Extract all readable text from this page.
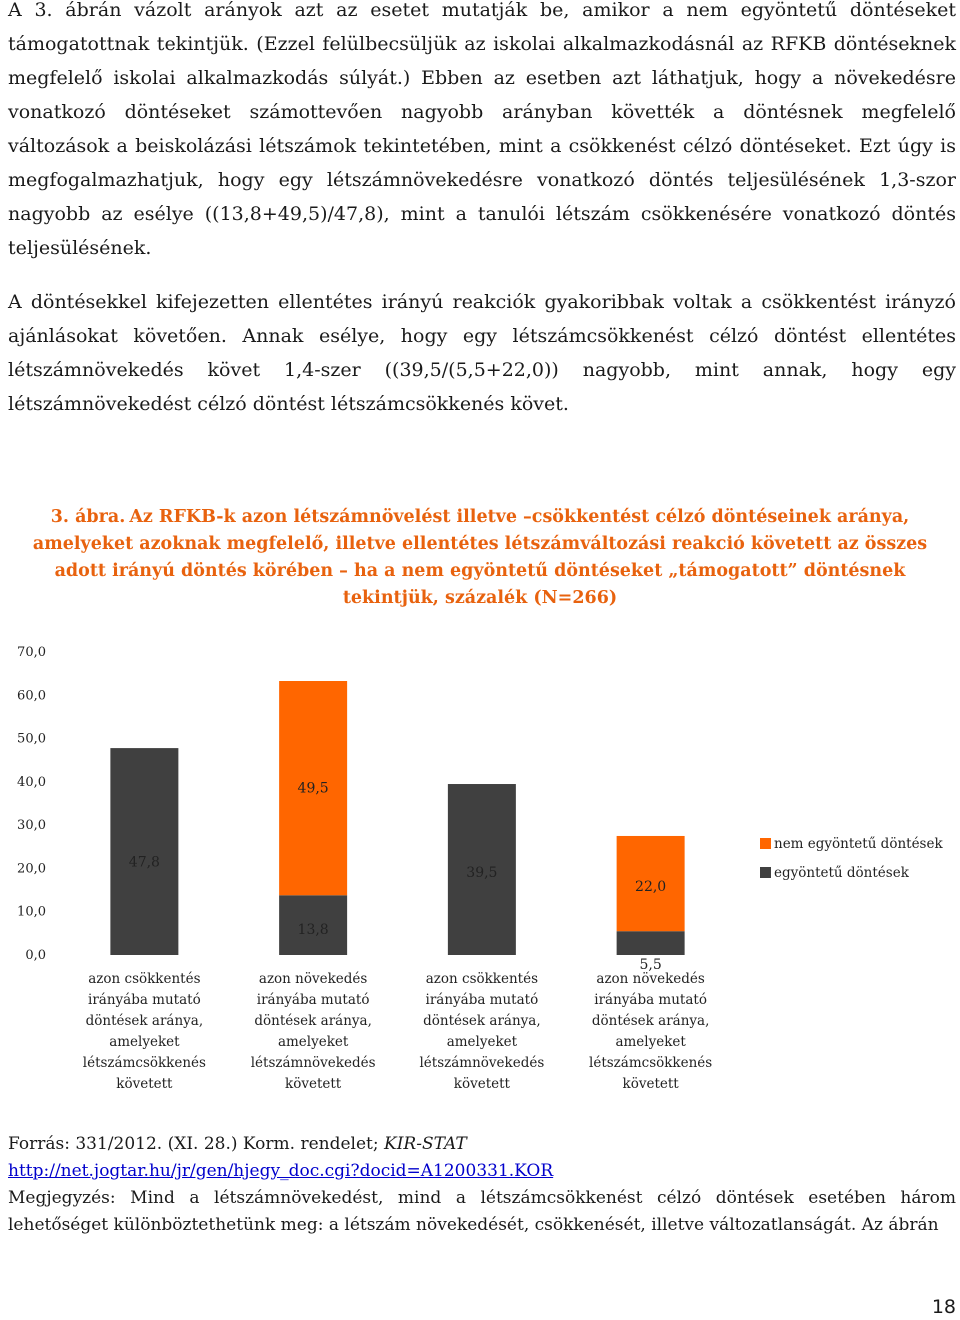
A 3. ábrán vázolt arányok azt az esetet mutatják be, amikor a nem egyöntetű döntéseket támogatottnak tekintjük. (Ezzel felülbecsüljük az iskolai alkalmazkodásnál az RFKB döntéseknek megfelelő iskolai alkalmazkodás súlyát.) Ebben az esetben azt láthatjuk, hogy a növekedésre vonatkozó döntéseket számottevően nagyobb arányban követték a döntésnek megfelelő változások a beiskolázási létszámok tekintetében, mint a csökkenést célzó döntéseket. Ezt úgy is megfogalmazhatjuk, hogy egy létszámnövekedésre vonatkozó döntés teljesülésének 1,3-szor nagyobb az esélye ((13,8+49,5)/47,8), mint a tanulói létszám csökkenésére vonatkozó döntés teljesülésének.

A döntésekkel kifejezetten ellentétes irányú reakciók gyakoribbak voltak a csökkentést irányzó ajánlásokat követően. Annak esélye, hogy egy létszámcsökkenést célzó döntést ellentétes létszámnövekedés követ 1,4-szer ((39,5/(5,5+22,0)) nagyobb, mint annak, hogy egy létszámnövekedést célzó döntést létszámcsökkenés követ.

3. ábra. Az RFKB-k azon létszámnövelést illetve –csökkentést célzó döntéseinek aránya, amelyeket azoknak megfelelő, illetve ellentétes létszámváltozási reakció követett az összes adott irányú döntés körében – ha a nem egyöntetű döntéseket „támogatott” döntésnek tekintjük, százalék (N=266)
0,0
10,0
20,0
30,0
40,0
50,0
60,0
70,0
47,8
49,5
13,8
39,5
22,0
5,5
azon csökkentés
irányába mutató
döntések aránya,
amelyeket
létszámcsökkenés
követett
azon növekedés
irányába mutató
döntések aránya,
amelyeket
létszámnövekedés
követett
azon csökkentés
irányába mutató
döntések aránya,
amelyeket
létszámnövekedés
követett
azon növekedés
irányába mutató
döntések aránya,
amelyeket
létszámcsökkenés
követett
nem egyöntetű döntések
egyöntetű döntések
Forrás: 331/2012. (XI. 28.) Korm. rendelet; KIR-STAT
http://net.jogtar.hu/jr/gen/hjegy_doc.cgi?docid=A1200331.KOR
Megjegyzés: Mind a létszámnövekedést, mind a létszámcsökkenést célzó döntések esetében három lehetőséget különböztethetünk meg: a létszám növekedését, csökkenését, illetve változatlanságát. Az ábrán
18
